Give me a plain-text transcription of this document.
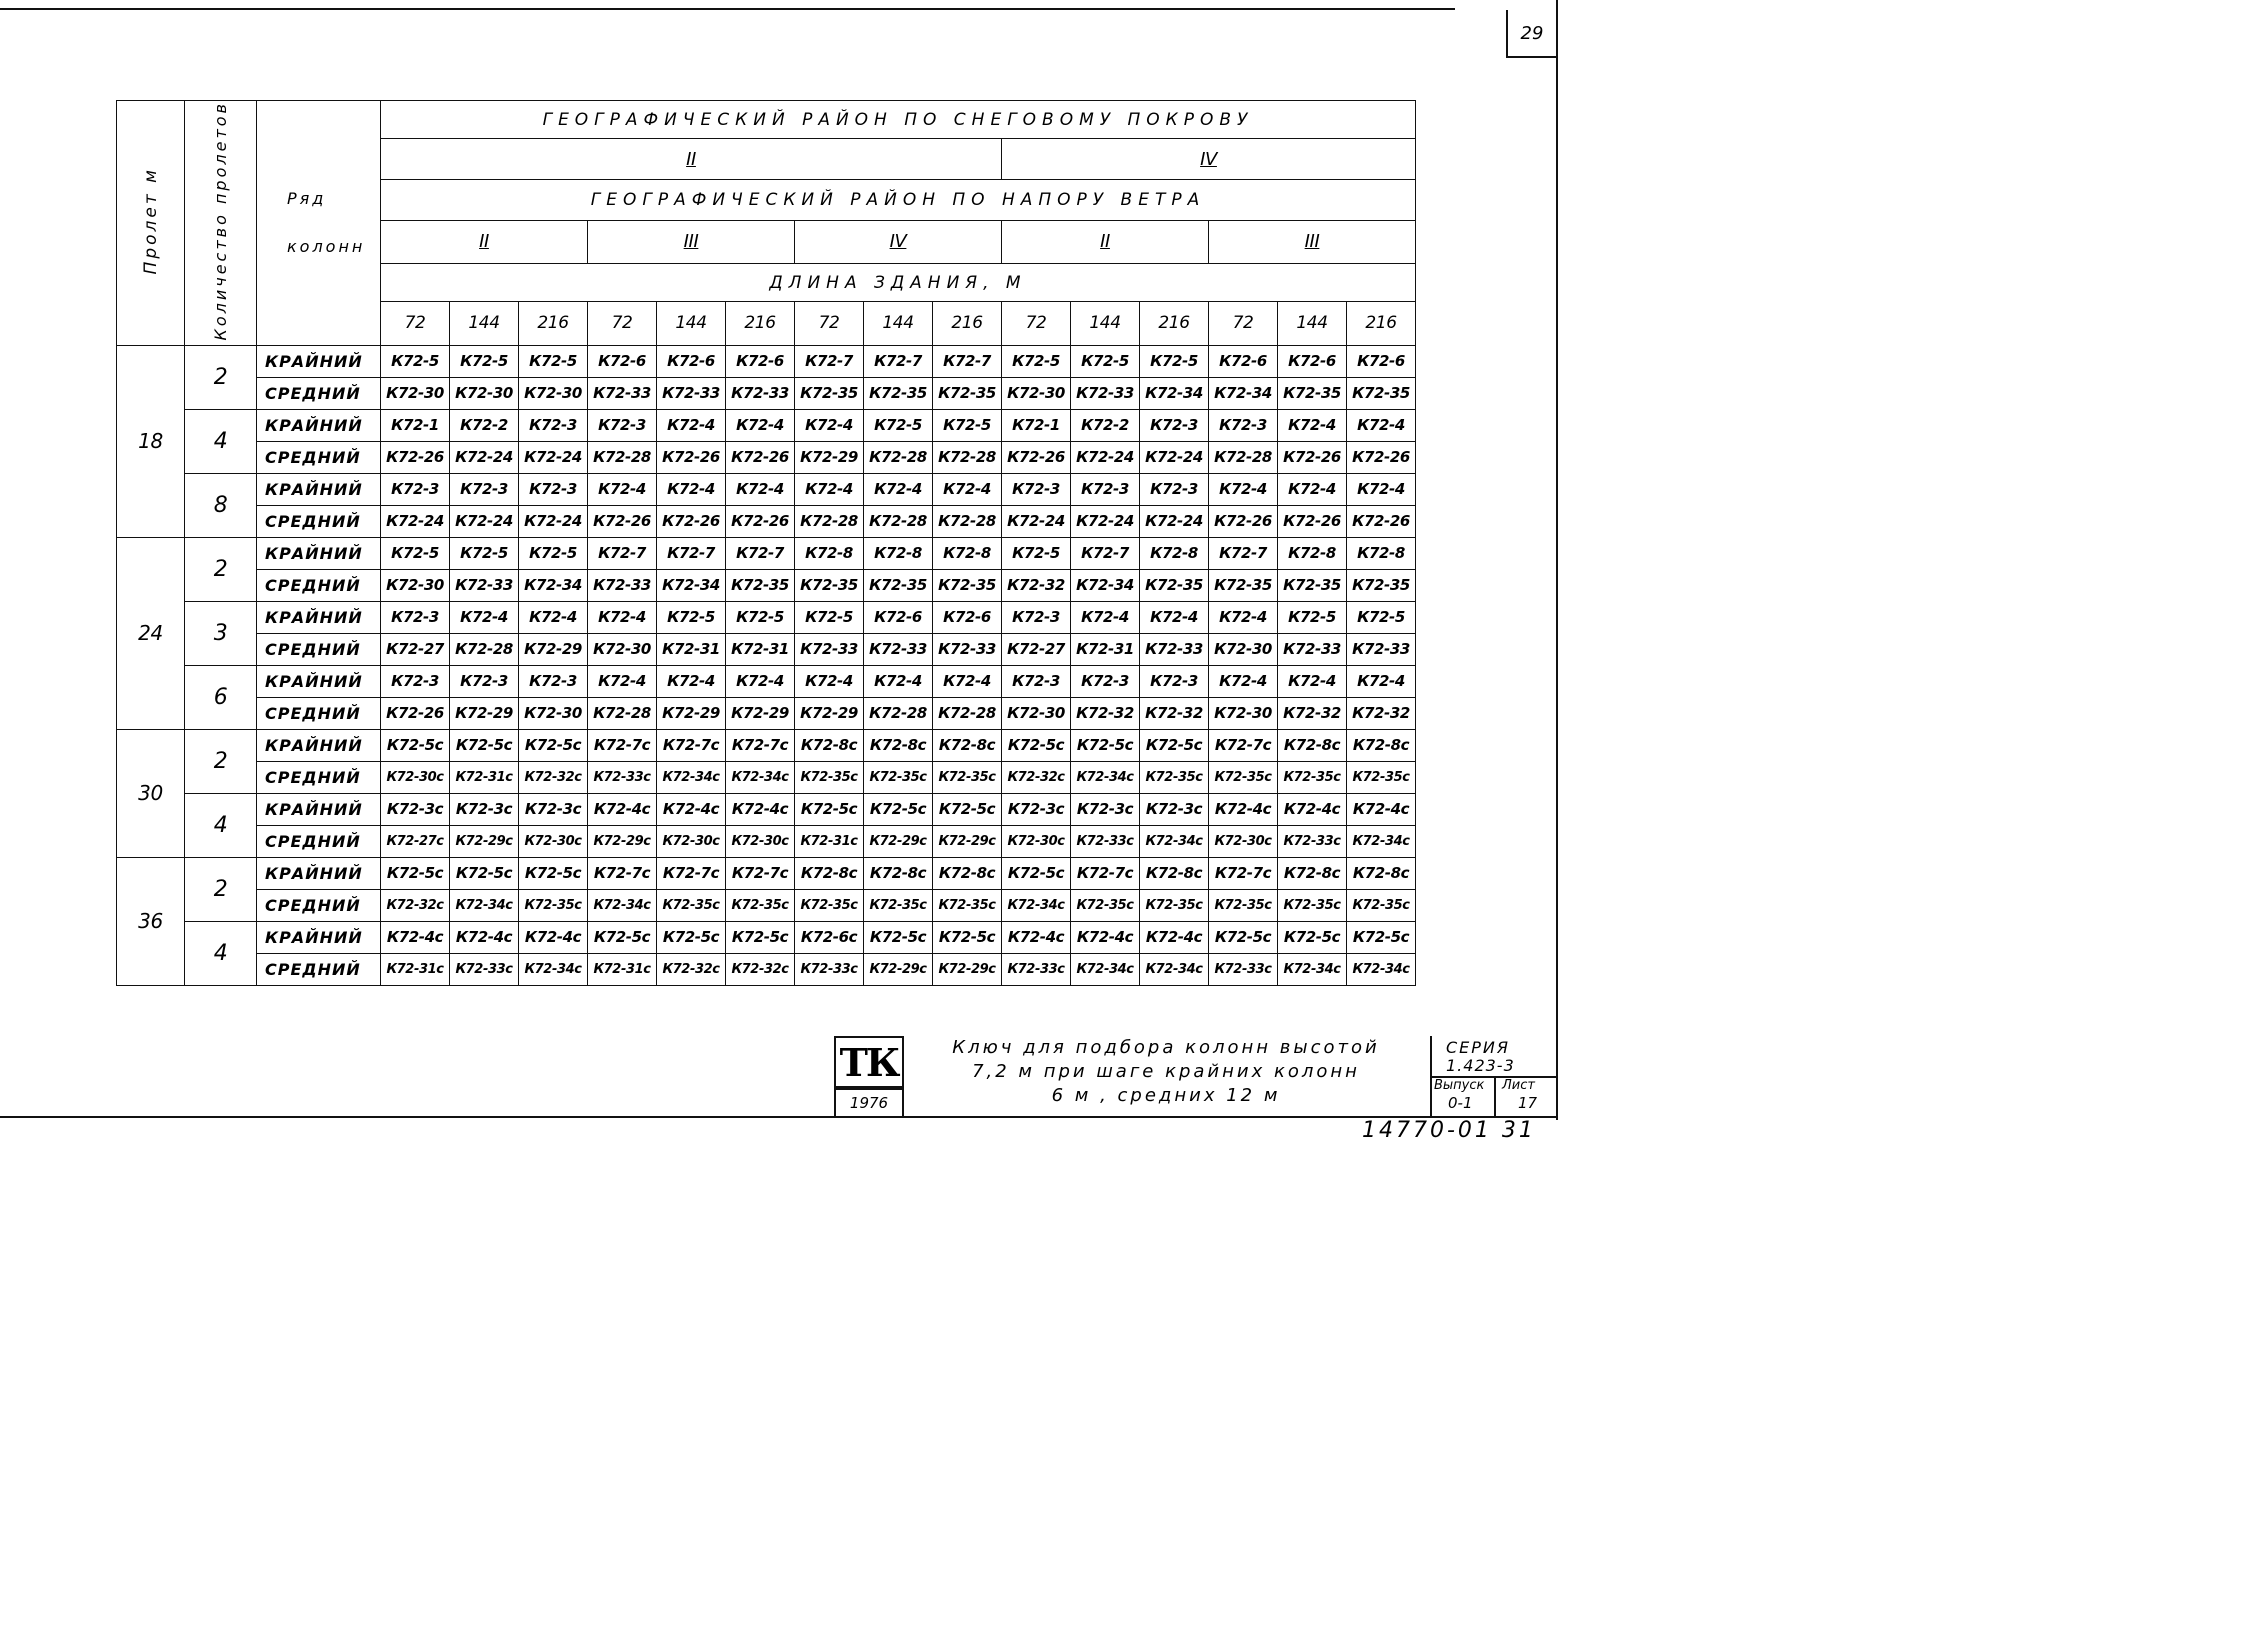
29
Пролет м	Количество пролетов	Ряд колонн	ГЕОГРАФИЧЕСКИЙ РАЙОН ПО СНЕГОВОМУ ПОКРОВУ														
			II									IV					
			ГЕОГРАФИЧЕСКИЙ РАЙОН ПО НАПОРУ ВЕТРА														
			II			III			IV			II			III		
			ДЛИНА ЗДАНИЯ, М														
			72	144	216	72	144	216	72	144	216	72	144	216	72	144	216
18	2	КРАЙНИЙ	К72-5	К72-5	К72-5	К72-6	К72-6	К72-6	К72-7	К72-7	К72-7	К72-5	К72-5	К72-5	К72-6	К72-6	К72-6
		СРЕДНИЙ	К72-30	К72-30	К72-30	К72-33	К72-33	К72-33	К72-35	К72-35	К72-35	К72-30	К72-33	К72-34	К72-34	К72-35	К72-35
	4	КРАЙНИЙ	К72-1	К72-2	К72-3	К72-3	К72-4	К72-4	К72-4	К72-5	К72-5	К72-1	К72-2	К72-3	К72-3	К72-4	К72-4
		СРЕДНИЙ	К72-26	К72-24	К72-24	К72-28	К72-26	К72-26	К72-29	К72-28	К72-28	К72-26	К72-24	К72-24	К72-28	К72-26	К72-26
	8	КРАЙНИЙ	К72-3	К72-3	К72-3	К72-4	К72-4	К72-4	К72-4	К72-4	К72-4	К72-3	К72-3	К72-3	К72-4	К72-4	К72-4
		СРЕДНИЙ	К72-24	К72-24	К72-24	К72-26	К72-26	К72-26	К72-28	К72-28	К72-28	К72-24	К72-24	К72-24	К72-26	К72-26	К72-26
24	2	КРАЙНИЙ	К72-5	К72-5	К72-5	К72-7	К72-7	К72-7	К72-8	К72-8	К72-8	К72-5	К72-7	К72-8	К72-7	К72-8	К72-8
		СРЕДНИЙ	К72-30	К72-33	К72-34	К72-33	К72-34	К72-35	К72-35	К72-35	К72-35	К72-32	К72-34	К72-35	К72-35	К72-35	К72-35
	3	КРАЙНИЙ	К72-3	К72-4	К72-4	К72-4	К72-5	К72-5	К72-5	К72-6	К72-6	К72-3	К72-4	К72-4	К72-4	К72-5	К72-5
		СРЕДНИЙ	К72-27	К72-28	К72-29	К72-30	К72-31	К72-31	К72-33	К72-33	К72-33	К72-27	К72-31	К72-33	К72-30	К72-33	К72-33
	6	КРАЙНИЙ	К72-3	К72-3	К72-3	К72-4	К72-4	К72-4	К72-4	К72-4	К72-4	К72-3	К72-3	К72-3	К72-4	К72-4	К72-4
		СРЕДНИЙ	К72-26	К72-29	К72-30	К72-28	К72-29	К72-29	К72-29	К72-28	К72-28	К72-30	К72-32	К72-32	К72-30	К72-32	К72-32
30	2	КРАЙНИЙ	К72-5с	К72-5с	К72-5с	К72-7с	К72-7с	К72-7с	К72-8с	К72-8с	К72-8с	К72-5с	К72-5с	К72-5с	К72-7с	К72-8с	К72-8с
		СРЕДНИЙ	К72-30с	К72-31с	К72-32с	К72-33с	К72-34с	К72-34с	К72-35с	К72-35с	К72-35с	К72-32с	К72-34с	К72-35с	К72-35с	К72-35с	К72-35с
	4	КРАЙНИЙ	К72-3с	К72-3с	К72-3с	К72-4с	К72-4с	К72-4с	К72-5с	К72-5с	К72-5с	К72-3с	К72-3с	К72-3с	К72-4с	К72-4с	К72-4с
		СРЕДНИЙ	К72-27с	К72-29с	К72-30с	К72-29с	К72-30с	К72-30с	К72-31с	К72-29с	К72-29с	К72-30с	К72-33с	К72-34с	К72-30с	К72-33с	К72-34с
36	2	КРАЙНИЙ	К72-5с	К72-5с	К72-5с	К72-7с	К72-7с	К72-7с	К72-8с	К72-8с	К72-8с	К72-5с	К72-7с	К72-8с	К72-7с	К72-8с	К72-8с
		СРЕДНИЙ	К72-32с	К72-34с	К72-35с	К72-34с	К72-35с	К72-35с	К72-35с	К72-35с	К72-35с	К72-34с	К72-35с	К72-35с	К72-35с	К72-35с	К72-35с
	4	КРАЙНИЙ	К72-4с	К72-4с	К72-4с	К72-5с	К72-5с	К72-5с	К72-6с	К72-5с	К72-5с	К72-4с	К72-4с	К72-4с	К72-5с	К72-5с	К72-5с
		СРЕДНИЙ	К72-31с	К72-33с	К72-34с	К72-31с	К72-32с	К72-32с	К72-33с	К72-29с	К72-29с	К72-33с	К72-34с	К72-34с	К72-33с	К72-34с	К72-34с
ТК
1976
Ключ для подбора колонн высотой
7,2 м при шаге крайних колонн
6 м , средних 12 м
СЕРИЯ
1.423-3
Выпуск
0-1
Лист
17
14770-01 31
